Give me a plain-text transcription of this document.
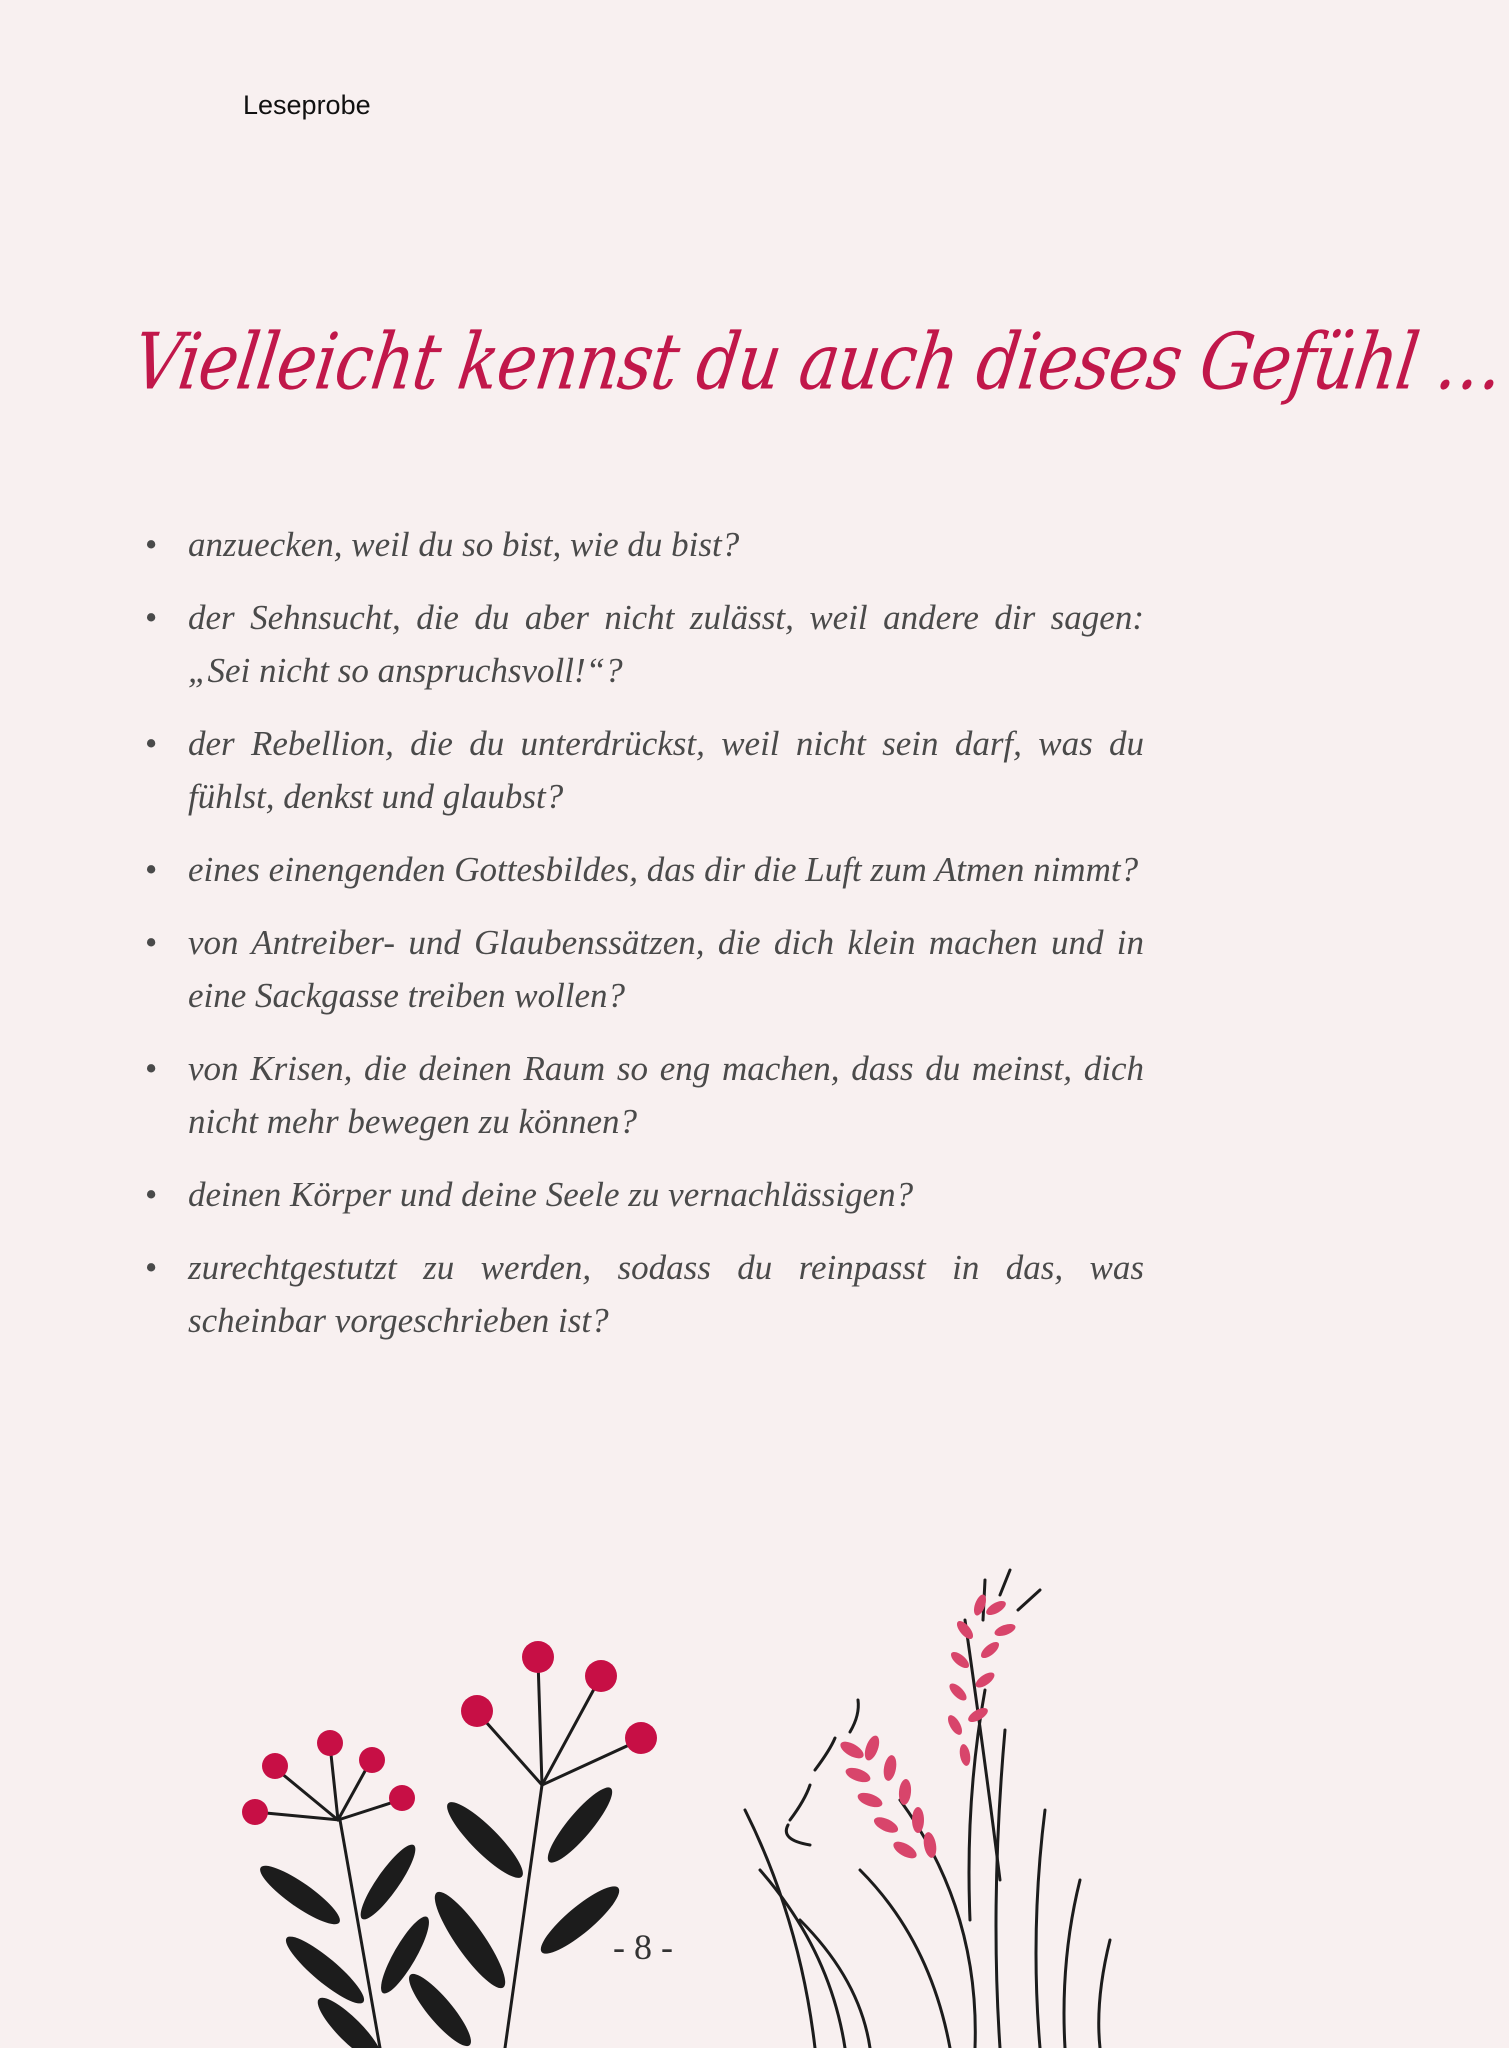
Leseprobe
Vielleicht kennst du auch dieses Gefühl …
• anzuecken, weil du so bist, wie du bist?
• der Sehnsucht, die du aber nicht zulässt, weil andere dir sagen: „Sei nicht so anspruchsvoll!“?
• der Rebellion, die du unterdrückst, weil nicht sein darf, was du fühlst, denkst und glaubst?
• eines einengenden Gottesbildes, das dir die Luft zum Atmen nimmt?
• von Antreiber- und Glaubenssätzen, die dich klein machen und in eine Sackgasse treiben wollen?
• von Krisen, die deinen Raum so eng machen, dass du meinst, dich nicht mehr bewegen zu können?
• deinen Körper und deine Seele zu vernachlässigen?
• zurechtgestutzt zu werden, sodass du reinpasst in das, was scheinbar vorgeschrieben ist?
- 8 -
